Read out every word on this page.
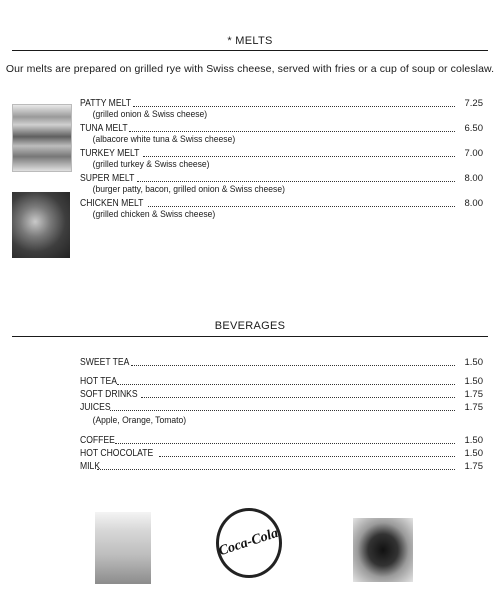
* MELTS
Our melts are prepared on grilled rye with Swiss cheese, served with fries or a cup of soup or coleslaw.
PATTY MELT	7.25
(grilled onion & Swiss cheese)
TUNA MELT	6.50
(albacore white tuna & Swiss cheese)
TURKEY MELT	7.00
(grilled turkey & Swiss cheese)
SUPER MELT	8.00
(burger patty, bacon, grilled onion & Swiss cheese)
CHICKEN MELT	8.00
(grilled chicken & Swiss cheese)
BEVERAGES
SWEET TEA	1.50
HOT TEA	1.50
SOFT DRINKS	1.75
JUICES	1.75
(Apple, Orange, Tomato)
COFFEE	1.50
HOT CHOCOLATE	1.50
MILK	1.75
Coca-Cola
